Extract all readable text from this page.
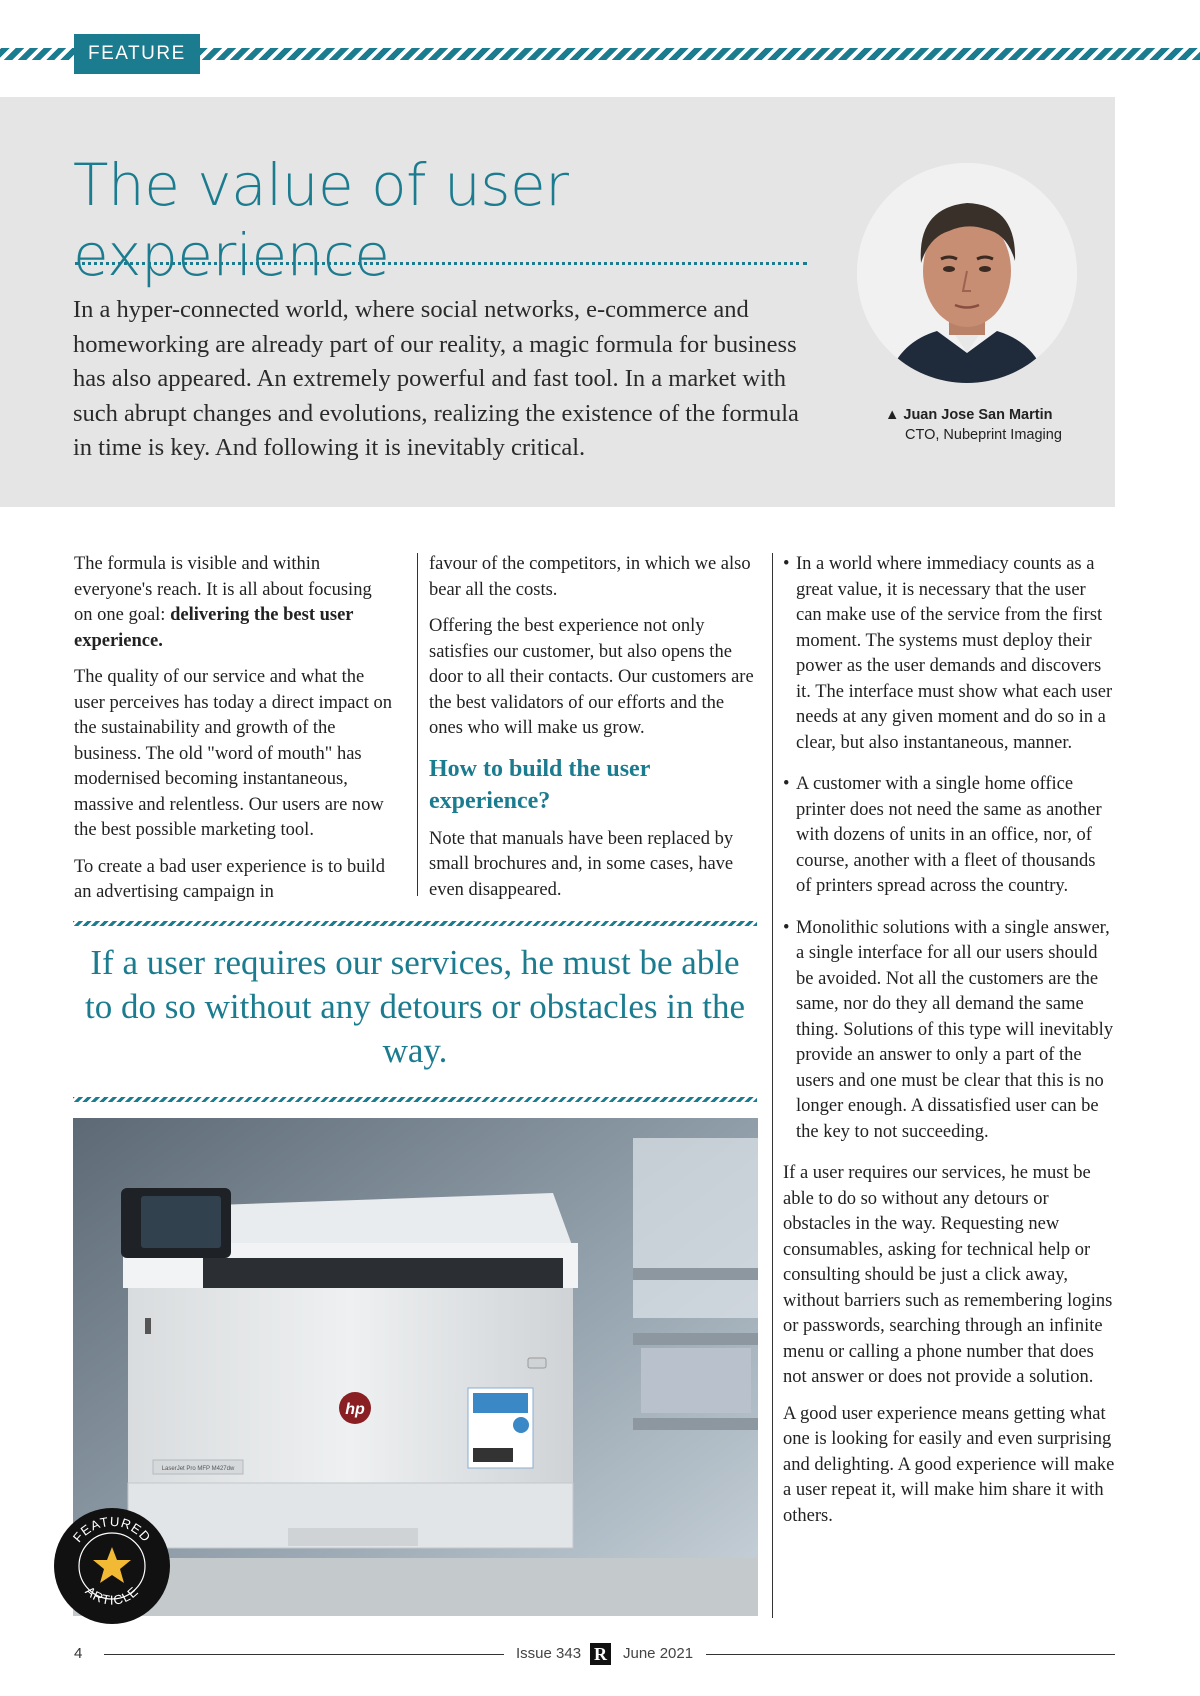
FEATURE
The value of user experience

In a hyper-connected world, where social networks, e-commerce and homeworking are already part of our reality, a magic formula for business has also appeared. An extremely powerful and fast tool. In a market with such abrupt changes and evolutions, realizing the existence of the formula in time is key. And following it is inevitably critical.

▲ Juan Jose San Martin
CTO, Nubeprint Imaging

The formula is visible and within everyone's reach. It is all about focusing on one goal: delivering the best user experience.

The quality of our service and what the user perceives has today a direct impact on the sustainability and growth of the business. The old "word of mouth" has modernised becoming instantaneous, massive and relentless. Our users are now the best possible marketing tool.

To create a bad user experience is to build an advertising campaign in

favour of the competitors, in which we also bear all the costs.

Offering the best experience not only satisfies our customer, but also opens the door to all their contacts. Our customers are the best validators of our efforts and the ones who will make us grow.

How to build the user experience?

Note that manuals have been replaced by small brochures and, in some cases, have even disappeared.

• In a world where immediacy counts as a great value, it is necessary that the user can make use of the service from the first moment. The systems must deploy their power as the user demands and discovers it. The interface must show what each user needs at any given moment and do so in a clear, but also instantaneous, manner.
• A customer with a single home office printer does not need the same as another with dozens of units in an office, nor, of course, another with a fleet of thousands of printers spread across the country.
• Monolithic solutions with a single answer, a single interface for all our users should be avoided. Not all the customers are the same, nor do they all demand the same thing. Solutions of this type will inevitably provide an answer to only a part of the users and one must be clear that this is no longer enough. A dissatisfied user can be the key to not succeeding.

If a user requires our services, he must be able to do so without any detours or obstacles in the way. Requesting new consumables, asking for technical help or consulting should be just a click away, without barriers such as remembering logins or passwords, searching through an infinite menu or calling a phone number that does not answer or does not provide a solution.

A good user experience means getting what one is looking for easily and even surprising and delighting. A good experience will make a user repeat it, will make him share it with others.

If a user requires our services, he must be able to do so without any detours or obstacles in the way.
hp
LaserJet Pro MFP M427dw
FEATURED
ARTICLE
4	Issue 343 R June 2021
